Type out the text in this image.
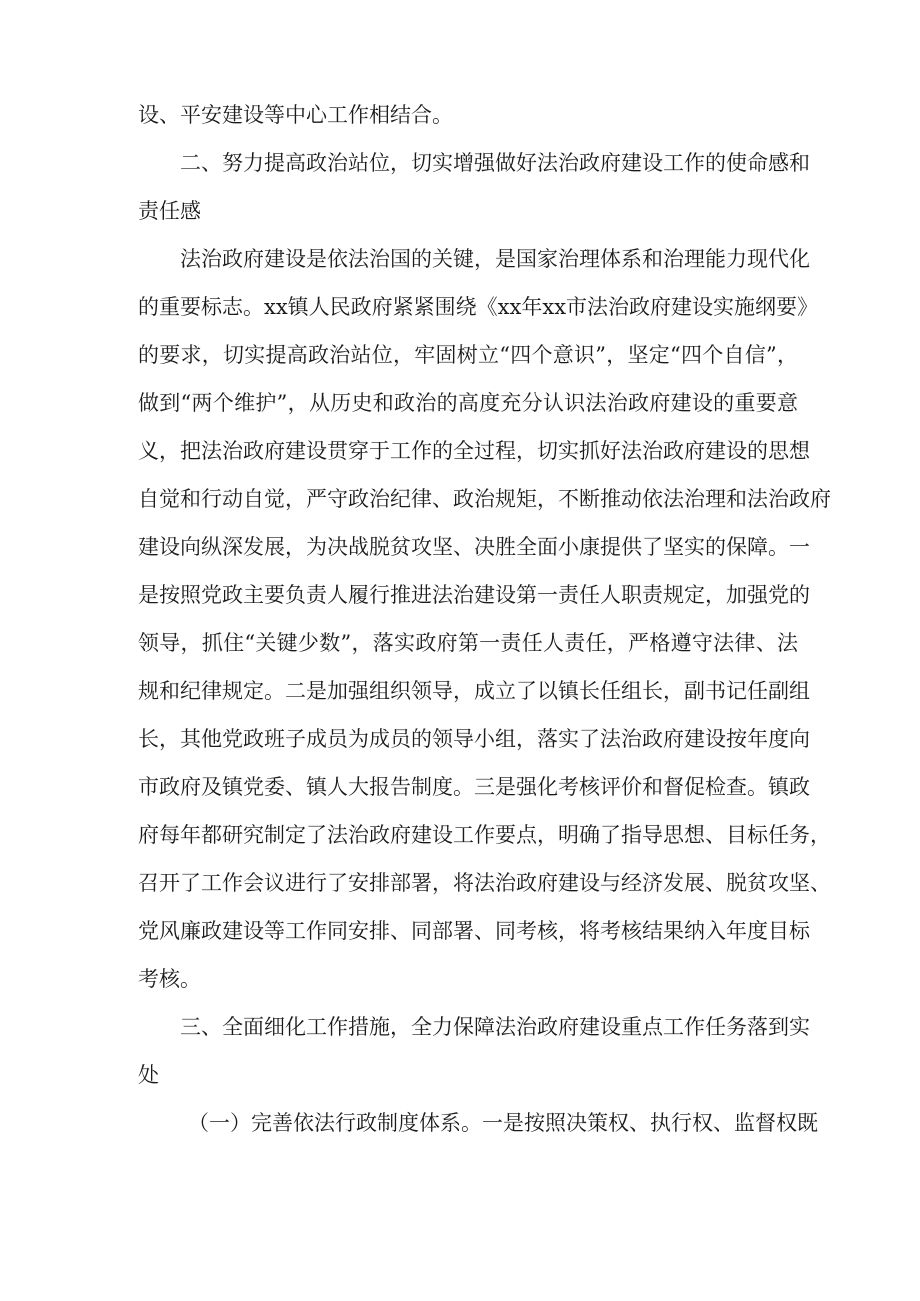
设、平安建设等中心工作相结合。
二、努力提高政治站位，切实增强做好法治政府建设工作的使命感和
责任感
法治政府建设是依法治国的关键，是国家治理体系和治理能力现代化
的重要标志。xx镇人民政府紧紧围绕《xx年xx市法治政府建设实施纲要》
的要求，切实提高政治站位，牢固树立“四个意识”，坚定“四个自信”，
做到“两个维护”，从历史和政治的高度充分认识法治政府建设的重要意
义，把法治政府建设贯穿于工作的全过程，切实抓好法治政府建设的思想
自觉和行动自觉，严守政治纪律、政治规矩，不断推动依法治理和法治政府
建设向纵深发展，为决战脱贫攻坚、决胜全面小康提供了坚实的保障。一
是按照党政主要负责人履行推进法治建设第一责任人职责规定，加强党的
领导，抓住“关键少数”，落实政府第一责任人责任，严格遵守法律、法
规和纪律规定。二是加强组织领导，成立了以镇长任组长，副书记任副组
长，其他党政班子成员为成员的领导小组，落实了法治政府建设按年度向
市政府及镇党委、镇人大报告制度。三是强化考核评价和督促检查。镇政
府每年都研究制定了法治政府建设工作要点，明确了指导思想、目标任务，
召开了工作会议进行了安排部署，将法治政府建设与经济发展、脱贫攻坚、
党风廉政建设等工作同安排、同部署、同考核，将考核结果纳入年度目标
考核。
三、全面细化工作措施，全力保障法治政府建设重点工作任务落到实
处
（一）完善依法行政制度体系。一是按照决策权、执行权、监督权既
